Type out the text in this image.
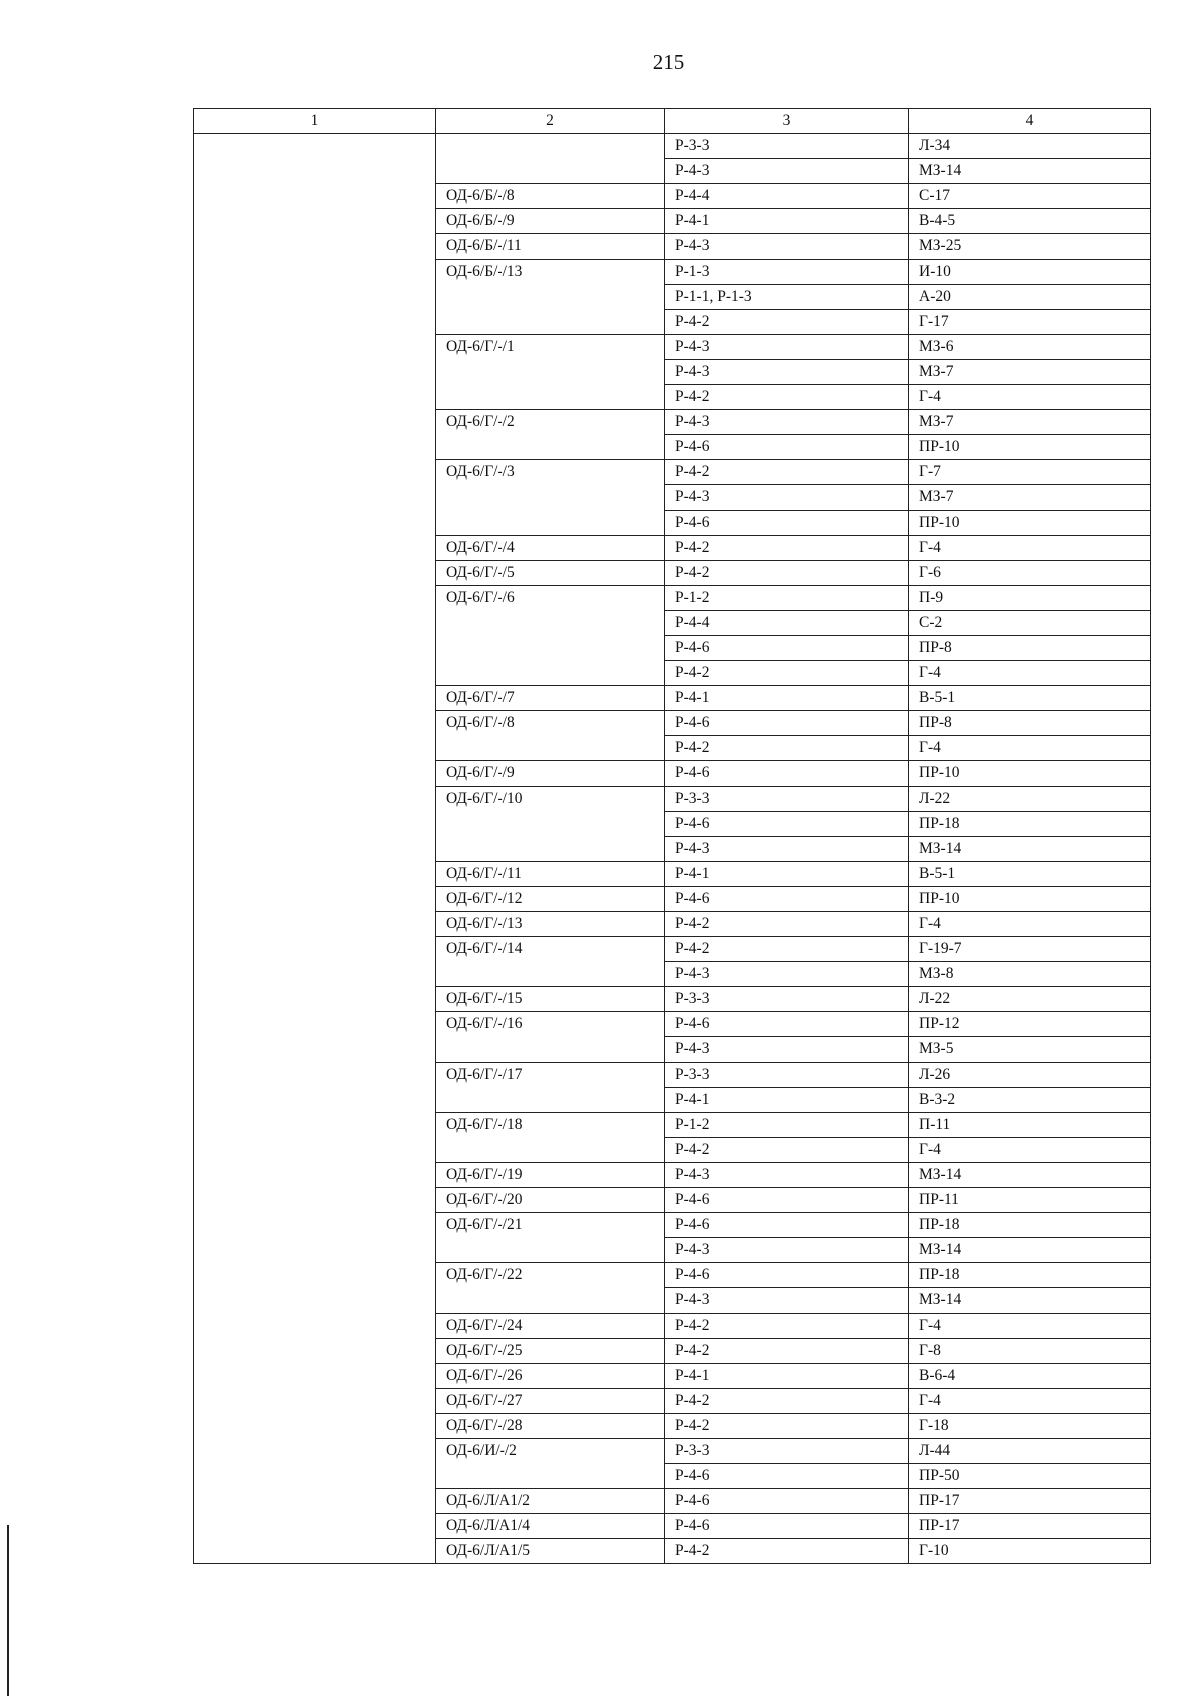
215
1	2	3	4
		Р-3-3	Л-34
		Р-4-3	МЗ-14
	ОД-6/Б/-/8	Р-4-4	С-17
	ОД-6/Б/-/9	Р-4-1	В-4-5
	ОД-6/Б/-/11	Р-4-3	МЗ-25
	ОД-6/Б/-/13	Р-1-3	И-10
		Р-1-1, Р-1-3	А-20
		Р-4-2	Г-17
	ОД-6/Г/-/1	Р-4-3	МЗ-6
		Р-4-3	МЗ-7
		Р-4-2	Г-4
	ОД-6/Г/-/2	Р-4-3	МЗ-7
		Р-4-6	ПР-10
	ОД-6/Г/-/3	Р-4-2	Г-7
		Р-4-3	МЗ-7
		Р-4-6	ПР-10
	ОД-6/Г/-/4	Р-4-2	Г-4
	ОД-6/Г/-/5	Р-4-2	Г-6
	ОД-6/Г/-/6	Р-1-2	П-9
		Р-4-4	С-2
		Р-4-6	ПР-8
		Р-4-2	Г-4
	ОД-6/Г/-/7	Р-4-1	В-5-1
	ОД-6/Г/-/8	Р-4-6	ПР-8
		Р-4-2	Г-4
	ОД-6/Г/-/9	Р-4-6	ПР-10
	ОД-6/Г/-/10	Р-3-3	Л-22
		Р-4-6	ПР-18
		Р-4-3	МЗ-14
	ОД-6/Г/-/11	Р-4-1	В-5-1
	ОД-6/Г/-/12	Р-4-6	ПР-10
	ОД-6/Г/-/13	Р-4-2	Г-4
	ОД-6/Г/-/14	Р-4-2	Г-19-7
		Р-4-3	МЗ-8
	ОД-6/Г/-/15	Р-3-3	Л-22
	ОД-6/Г/-/16	Р-4-6	ПР-12
		Р-4-3	МЗ-5
	ОД-6/Г/-/17	Р-3-3	Л-26
		Р-4-1	В-3-2
	ОД-6/Г/-/18	Р-1-2	П-11
		Р-4-2	Г-4
	ОД-6/Г/-/19	Р-4-3	МЗ-14
	ОД-6/Г/-/20	Р-4-6	ПР-11
	ОД-6/Г/-/21	Р-4-6	ПР-18
		Р-4-3	МЗ-14
	ОД-6/Г/-/22	Р-4-6	ПР-18
		Р-4-3	МЗ-14
	ОД-6/Г/-/24	Р-4-2	Г-4
	ОД-6/Г/-/25	Р-4-2	Г-8
	ОД-6/Г/-/26	Р-4-1	В-6-4
	ОД-6/Г/-/27	Р-4-2	Г-4
	ОД-6/Г/-/28	Р-4-2	Г-18
	ОД-6/И/-/2	Р-3-3	Л-44
		Р-4-6	ПР-50
	ОД-6/Л/А1/2	Р-4-6	ПР-17
	ОД-6/Л/А1/4	Р-4-6	ПР-17
	ОД-6/Л/А1/5	Р-4-2	Г-10
